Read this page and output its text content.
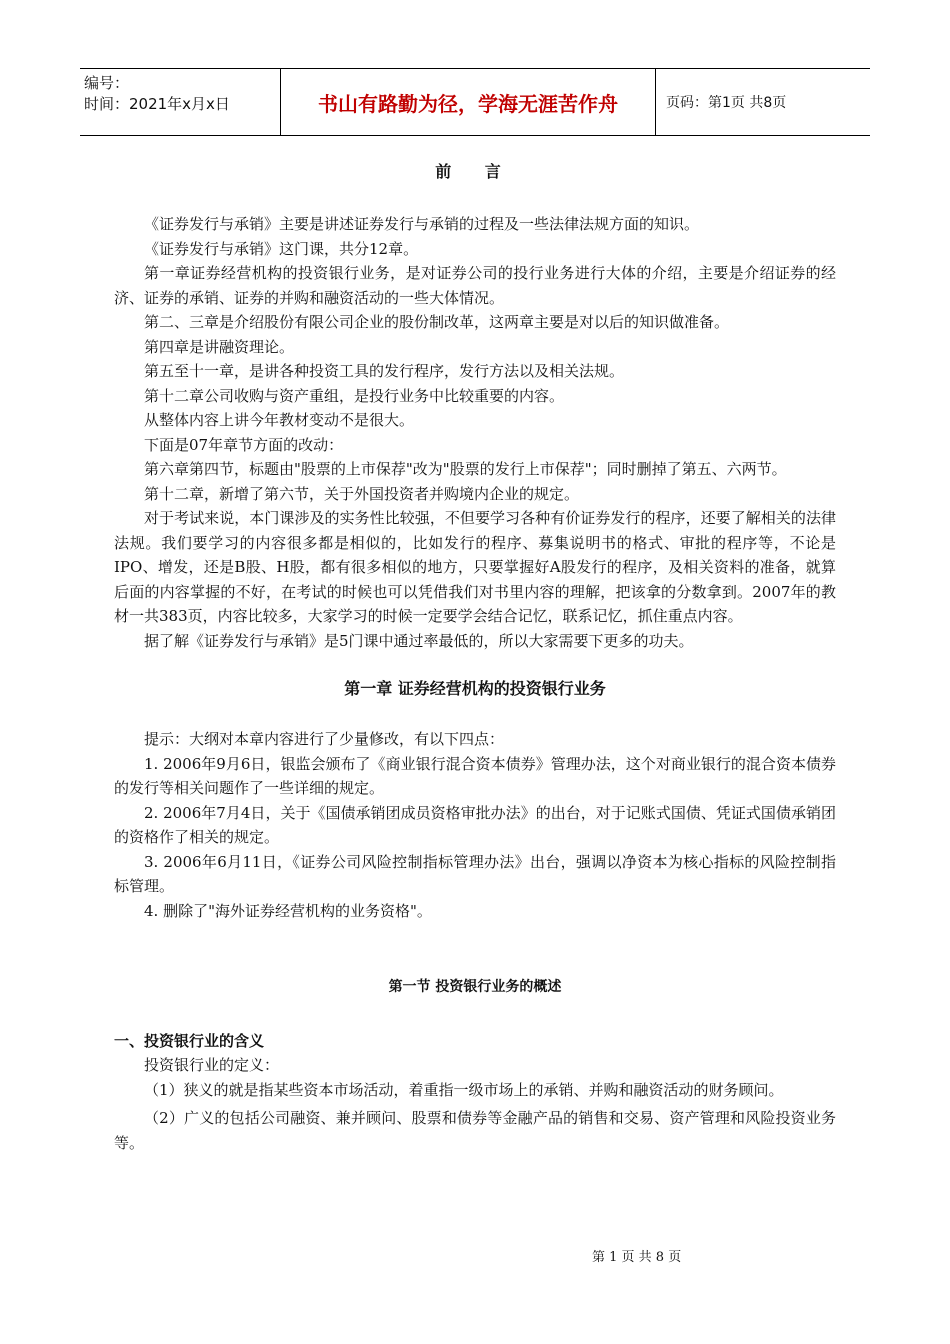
编号：
时间：2021年x月x日	书山有路勤为径，学海无涯苦作舟	页码：第1页 共8页
前 言

《证券发行与承销》主要是讲述证券发行与承销的过程及一些法律法规方面的知识。

《证券发行与承销》这门课，共分12章。

第一章证券经营机构的投资银行业务，是对证券公司的投行业务进行大体的介绍，主要是介绍证券的经济、证券的承销、证券的并购和融资活动的一些大体情况。

第二、三章是介绍股份有限公司企业的股份制改革，这两章主要是对以后的知识做准备。

第四章是讲融资理论。

第五至十一章，是讲各种投资工具的发行程序，发行方法以及相关法规。

第十二章公司收购与资产重组，是投行业务中比较重要的内容。

从整体内容上讲今年教材变动不是很大。

下面是07年章节方面的改动：

第六章第四节，标题由"股票的上市保荐"改为"股票的发行上市保荐"；同时删掉了第五、六两节。

第十二章，新增了第六节，关于外国投资者并购境内企业的规定。

对于考试来说，本门课涉及的实务性比较强，不但要学习各种有价证券发行的程序，还要了解相关的法律法规。我们要学习的内容很多都是相似的，比如发行的程序、募集说明书的格式、审批的程序等，不论是IPO、增发，还是B股、H股，都有很多相似的地方，只要掌握好A股发行的程序，及相关资料的准备，就算后面的内容掌握的不好，在考试的时候也可以凭借我们对书里内容的理解，把该拿的分数拿到。2007年的教材一共383页，内容比较多，大家学习的时候一定要学会结合记忆，联系记忆，抓住重点内容。

据了解《证券发行与承销》是5门课中通过率最低的，所以大家需要下更多的功夫。

第一章 证券经营机构的投资银行业务

提示：大纲对本章内容进行了少量修改，有以下四点：

1. 2006年9月6日，银监会颁布了《商业银行混合资本债券》管理办法，这个对商业银行的混合资本债券的发行等相关问题作了一些详细的规定。

2. 2006年7月4日，关于《国债承销团成员资格审批办法》的出台，对于记账式国债、凭证式国债承销团的资格作了相关的规定。

3. 2006年6月11日，《证券公司风险控制指标管理办法》出台，强调以净资本为核心指标的风险控制指标管理。

4. 删除了"海外证券经营机构的业务资格"。

第一节 投资银行业务的概述

一、投资银行业的含义

投资银行业的定义：

（1）狭义的就是指某些资本市场活动，着重指一级市场上的承销、并购和融资活动的财务顾问。

（2）广义的包括公司融资、兼并顾问、股票和债券等金融产品的销售和交易、资产管理和风险投资业务等。

第 1 页 共 8 页
